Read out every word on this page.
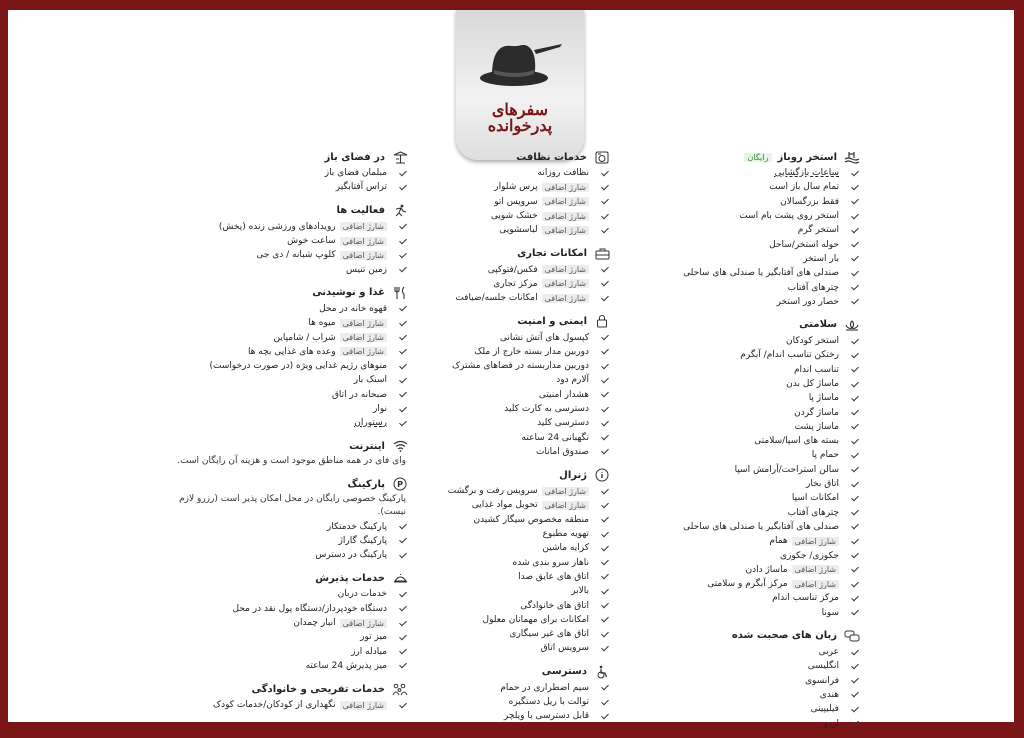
سفرهای
پدرخوانده
استخر روباز
رایگان
ساعات بازگشایی
تمام سال باز است
فقط بزرگسالان
استخر روی پشت بام است
استخر گرم
حوله استخر/ساحل
بار استخر
صندلی های آفتابگیر یا صندلی های ساحلی
چترهای آفتاب
حصار دور استخر
سلامتی
استخر کودکان
رختکن تناسب اندام/ آبگرم
تناسب اندام
ماساژ کل بدن
ماساژ پا
ماساژ گردن
ماساژ پشت
بسته های اسپا/سلامتی
حمام پا
سالن استراحت/آرامش اسپا
اتاق بخار
امکانات اسپا
چترهای آفتاب
صندلی های آفتابگیر یا صندلی های ساحلی
شارژ اضافی
همام
جکوزی/ جکوزی
شارژ اضافی
ماساژ دادن
شارژ اضافی
مرکز آبگرم و سلامتی
مرکز تناسب اندام
سونا
زبان های صحبت شده
عربی
انگلیسی
فرانسوی
هندی
فیلیپینی
اردو
خدمات نظافت
نظافت روزانه
شارژ اضافی
پرس شلوار
شارژ اضافی
سرویس اتو
شارژ اضافی
خشک شویی
شارژ اضافی
لباسشویی
امکانات تجاری
شارژ اضافی
فکس/فتوکپی
شارژ اضافی
مرکز تجاری
شارژ اضافی
امکانات جلسه/ضیافت
ایمنی و امنیت
کپسول های آتش نشانی
دوربین مدار بسته خارج از ملک
دوربین مداربسته در فضاهای مشترک
آلارم دود
هشدار امنیتی
دسترسی به کارت کلید
دسترسی کلید
نگهبانی 24 ساعته
صندوق امانات
ژنرال
شارژ اضافی
سرویس رفت و برگشت
شارژ اضافی
تحویل مواد غذایی
منطقه مخصوص سیگار کشیدن
تهویه مطبوع
کرایه ماشین
ناهار سرو بندی شده
اتاق های عایق صدا
بالابر
اتاق های خانوادگی
امکانات برای مهمانان معلول
اتاق های غیر سیگاری
سرویس اتاق
دسترسی
سیم اضطراری در حمام
توالت با ریل دستگیره
قابل دسترسی با ویلچر
در فضای باز
مبلمان فضای باز
تراس آفتابگیر
فعالیت ها
شارژ اضافی
رویدادهای ورزشی زنده (پخش)
شارژ اضافی
ساعت خوش
شارژ اضافی
کلوپ شبانه / دی جی
زمین تنیس
غذا و نوشیدنی
قهوه خانه در محل
شارژ اضافی
میوه ها
شارژ اضافی
شراب / شامپاین
شارژ اضافی
وعده های غذایی بچه ها
منوهای رژیم غذایی ویژه (در صورت درخواست)
اسنک بار
صبحانه در اتاق
نوار
رستوران
اینترنت
وای فای در همه مناطق موجود است و هزینه آن رایگان است.
P
پارکینگ
پارکینگ خصوصی رایگان در محل امکان پذیر است (رزرو لازم نیست).
پارکینگ خدمتکار
پارکینگ گاراژ
پارکینگ در دسترس
خدمات پذیرش
خدمات دربان
دستگاه خودپرداز/دستگاه پول نقد در محل
شارژ اضافی
انبار چمدان
میز تور
مبادله ارز
میز پذیرش 24 ساعته
خدمات تفریحی و خانوادگی
شارژ اضافی
نگهداری از کودکان/خدمات کودک
